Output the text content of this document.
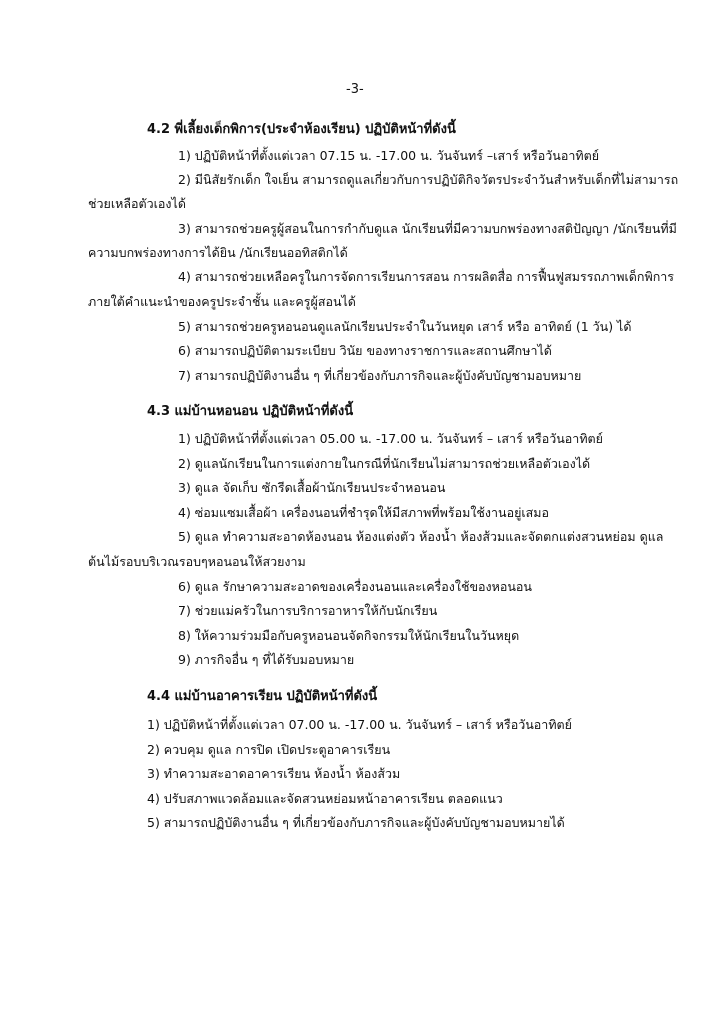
-3-
4.2 พี่เลี้ยงเด็กพิการ(ประจำห้องเรียน) ปฏิบัติหน้าที่ดังนี้
1) ปฏิบัติหน้าที่ตั้งแต่เวลา 07.15 น. -17.00 น. วันจันทร์ –เสาร์ หรือวันอาทิตย์
2) มีนิสัยรักเด็ก ใจเย็น สามารถดูแลเกี่ยวกับการปฏิบัติกิจวัตรประจำวันสำหรับเด็กที่ไม่สามารถ
ช่วยเหลือตัวเองได้
3) สามารถช่วยครูผู้สอนในการกำกับดูแล นักเรียนที่มีความบกพร่องทางสติปัญญา /นักเรียนที่มี
ความบกพร่องทางการได้ยิน /นักเรียนออทิสติกได้
4) สามารถช่วยเหลือครูในการจัดการเรียนการสอน การผลิตสื่อ การฟื้นฟูสมรรถภาพเด็กพิการ
ภายใต้คำแนะนำของครูประจำชั้น และครูผู้สอนได้
5) สามารถช่วยครูหอนอนดูแลนักเรียนประจำในวันหยุด เสาร์ หรือ อาทิตย์ (1 วัน) ได้
6) สามารถปฏิบัติตามระเบียบ วินัย ของทางราชการและสถานศึกษาได้
7) สามารถปฏิบัติงานอื่น ๆ ที่เกี่ยวข้องกับภารกิจและผู้บังคับบัญชามอบหมาย
4.3 แม่บ้านหอนอน ปฏิบัติหน้าที่ดังนี้
1) ปฏิบัติหน้าที่ตั้งแต่เวลา 05.00 น. -17.00 น. วันจันทร์ – เสาร์ หรือวันอาทิตย์
2) ดูแลนักเรียนในการแต่งกายในกรณีที่นักเรียนไม่สามารถช่วยเหลือตัวเองได้
3) ดูแล จัดเก็บ ซักรีดเสื้อผ้านักเรียนประจำหอนอน
4) ซ่อมแซมเสื้อผ้า เครื่องนอนที่ชำรุดให้มีสภาพที่พร้อมใช้งานอยู่เสมอ
5) ดูแล ทำความสะอาดห้องนอน ห้องแต่งตัว ห้องน้ำ ห้องส้วมและจัดตกแต่งสวนหย่อม ดูแล
ต้นไม้รอบบริเวณรอบๆหอนอนให้สวยงาม
6) ดูแล รักษาความสะอาดของเครื่องนอนและเครื่องใช้ของหอนอน
7) ช่วยแม่ครัวในการบริการอาหารให้กับนักเรียน
8) ให้ความร่วมมือกับครูหอนอนจัดกิจกรรมให้นักเรียนในวันหยุด
9) ภารกิจอื่น ๆ ที่ได้รับมอบหมาย
4.4 แม่บ้านอาคารเรียน ปฏิบัติหน้าที่ดังนี้
1) ปฏิบัติหน้าที่ตั้งแต่เวลา 07.00 น. -17.00 น. วันจันทร์ – เสาร์ หรือวันอาทิตย์
2) ควบคุม ดูแล การปิด เปิดประตูอาคารเรียน
3) ทำความสะอาดอาคารเรียน ห้องน้ำ ห้องส้วม
4) ปรับสภาพแวดล้อมและจัดสวนหย่อมหน้าอาคารเรียน ตลอดแนว
5) สามารถปฏิบัติงานอื่น ๆ ที่เกี่ยวข้องกับภารกิจและผู้บังคับบัญชามอบหมายได้
